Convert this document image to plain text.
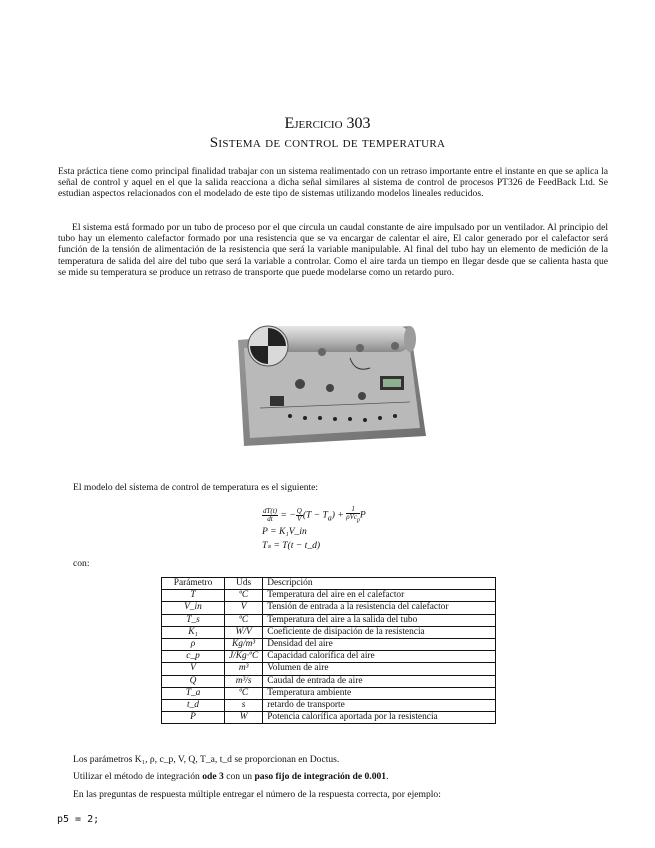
Ejercicio 303
Sistema de control de temperatura
Esta práctica tiene como principal finalidad trabajar con un sistema realimentado con un retraso importante entre el instante en que se aplica la señal de control y aquel en el que la salida reacciona a dicha señal similares al sistema de control de procesos PT326 de FeedBack Ltd. Se estudian aspectos relacionados con el modelado de este tipo de sistemas utilizando modelos lineales reducidos.
El sistema está formado por un tubo de proceso por el que circula un caudal constante de aire impulsado por un ventilador. Al principio del tubo hay un elemento calefactor formado por una resistencia que se va encargar de calentar el aire, El calor generado por el calefactor será función de la tensión de alimentación de la resistencia que será la variable manipulable. Al final del tubo hay un elemento de medición de la temperatura de salida del aire del tubo que será la variable a controlar. Como el aire tarda un tiempo en llegar desde que se calienta hasta que se mide su temperatura se produce un retraso de transporte que puede modelarse como un retardo puro.
El modelo del sistema de control de temperatura es el siguiente:
$\frac{dT(t)}{dt}$ = − $\frac{Q}{V} (T - T_a) + \frac{1}{\rho Vc_p}$ P
P = K₁V_in
Tₛ = T(t − t_d)
con:
Parámetro	Uds	Descripción
T	ºC	Temperatura del aire en el calefactor
V_in	V	Tensión de entrada a la resistencia del calefactor
T_s	ºC	Temperatura del aire a la salida del tubo
K₁	W/V	Coeficiente de disipación de la resistencia
ρ	Kg/m³	Densidad del aire
c_p	J/Kg·ºC	Capacidad calorífica del aire
V	m³	Volumen de aire
Q	m³/s	Caudal de entrada de aire
T_a	ºC	Temperatura ambiente
t_d	s	retardo de transporte
P	W	Potencia calorífica aportada por la resistencia
Los parámetros K₁, ρ, c_p, V, Q, T_a, t_d se proporcionan en Doctus.
Utilizar el método de integración ode 3 con un paso fijo de integración de 0.001.
En las preguntas de respuesta múltiple entregar el número de la respuesta correcta, por ejemplo:
p5 = 2;
